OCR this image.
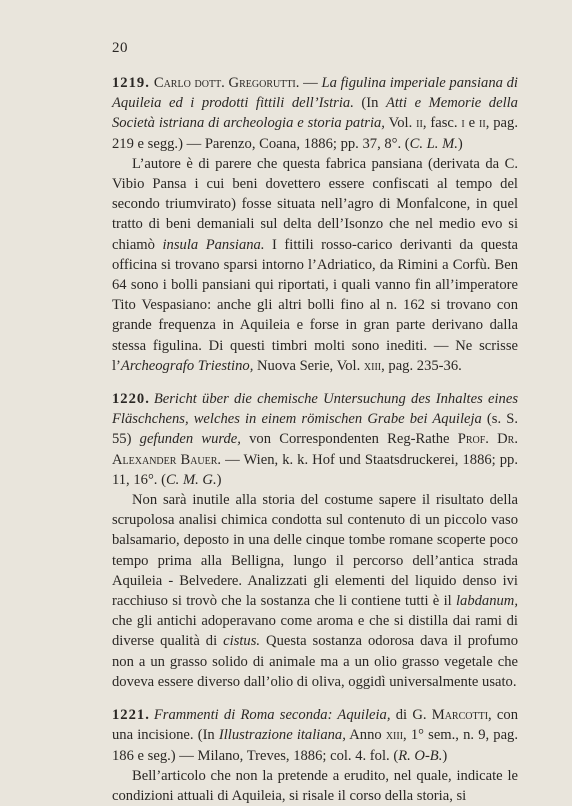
20

1219. Carlo dott. Gregorutti. — La figulina imperiale pansiana di Aquileia ed i prodotti fittili dell’Istria. (In Atti e Memorie della Società istriana di archeologia e storia patria, Vol. ii, fasc. i e ii, pag. 219 e segg.) — Parenzo, Coana, 1886; pp. 37, 8°. (C. L. M.)

L’autore è di parere che questa fabrica pansiana (derivata da C. Vibio Pansa i cui beni dovettero essere confiscati al tempo del secondo triumvirato) fosse situata nell’agro di Monfalcone, in quel tratto di beni demaniali sul delta dell’Isonzo che nel medio evo si chiamò insula Pansiana. I fittili rosso-carico derivanti da questa officina si trovano sparsi intorno l’Adriatico, da Rimini a Corfù. Ben 64 sono i bolli pansiani qui riportati, i quali vanno fin all’imperatore Tito Vespasiano: anche gli altri bolli fino al n. 162 si trovano con grande frequenza in Aquileia e forse in gran parte derivano dalla stessa figulina. Di questi timbri molti sono inediti. — Ne scrisse l’Archeografo Triestino, Nuova Serie, Vol. xiii, pag. 235-36.

1220. Bericht über die chemische Untersuchung des Inhaltes eines Fläschchens, welches in einem römischen Grabe bei Aquileja (s. S. 55) gefunden wurde, von Correspondenten Reg-Rathe Prof. Dr. Alexander Bauer. — Wien, k. k. Hof und Staatsdruckerei, 1886; pp. 11, 16°. (C. M. G.)

Non sarà inutile alla storia del costume sapere il risultato della scrupolosa analisi chimica condotta sul contenuto di un piccolo vaso balsamario, deposto in una delle cinque tombe romane scoperte poco tempo prima alla Belligna, lungo il percorso dell’antica strada Aquileia - Belvedere. Analizzati gli elementi del liquido denso ivi racchiuso si trovò che la sostanza che li contiene tutti è il labdanum, che gli antichi adoperavano come aroma e che si distilla dai rami di diverse qualità di cistus. Questa sostanza odorosa dava il profumo non a un grasso solido di animale ma a un olio grasso vegetale che doveva essere diverso dall’olio di oliva, oggidì universalmente usato.

1221. Frammenti di Roma seconda: Aquileia, di G. Marcotti, con una incisione. (In Illustrazione italiana, Anno xiii, 1° sem., n. 9, pag. 186 e seg.) — Milano, Treves, 1886; col. 4. fol. (R. O-B.)

Bell’articolo che non la pretende a erudito, nel quale, indicate le condizioni attuali di Aquileia, si risale il corso della storia, si
